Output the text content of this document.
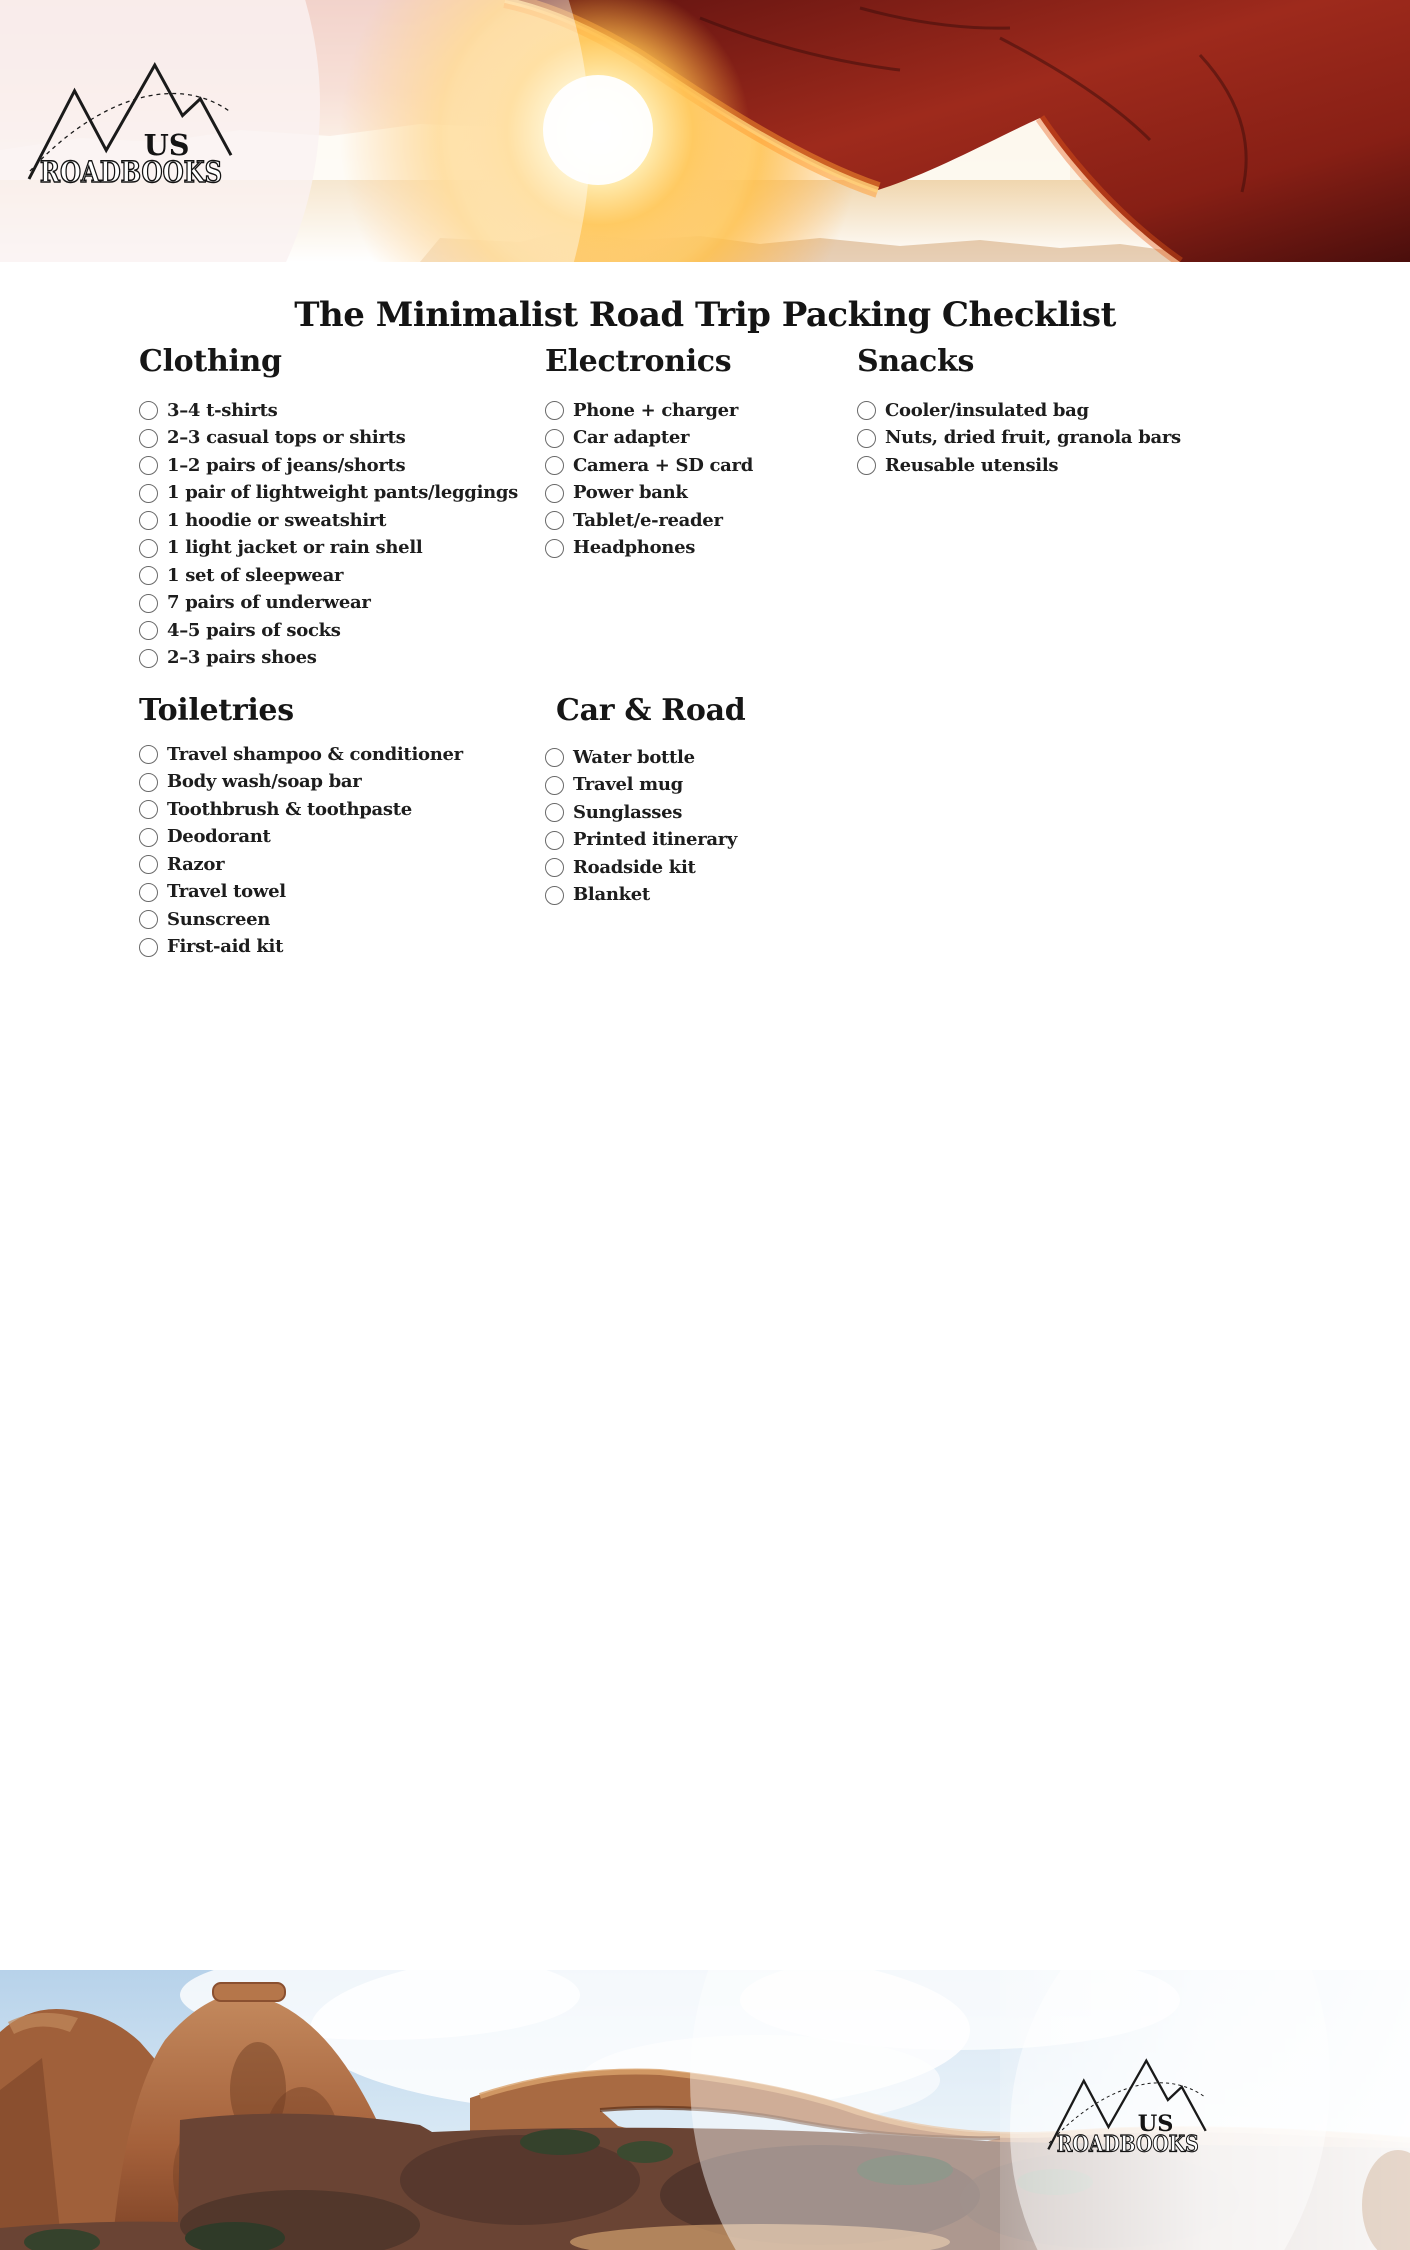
US
ROADBOOKS
The Minimalist Road Trip Packing Checklist
Clothing
3–4 t-shirts
2–3 casual tops or shirts
1–2 pairs of jeans/shorts
1 pair of lightweight pants/leggings
1 hoodie or sweatshirt
1 light jacket or rain shell
1 set of sleepwear
7 pairs of underwear
4–5 pairs of socks
2–3 pairs shoes
Electronics
Phone + charger
Car adapter
Camera + SD card
Power bank
Tablet/e-reader
Headphones
Snacks
Cooler/insulated bag
Nuts, dried fruit, granola bars
Reusable utensils
Toiletries
Travel shampoo & conditioner
Body wash/soap bar
Toothbrush & toothpaste
Deodorant
Razor
Travel towel
Sunscreen
First-aid kit
Car & Road
Water bottle
Travel mug
Sunglasses
Printed itinerary
Roadside kit
Blanket
US
ROADBOOKS
